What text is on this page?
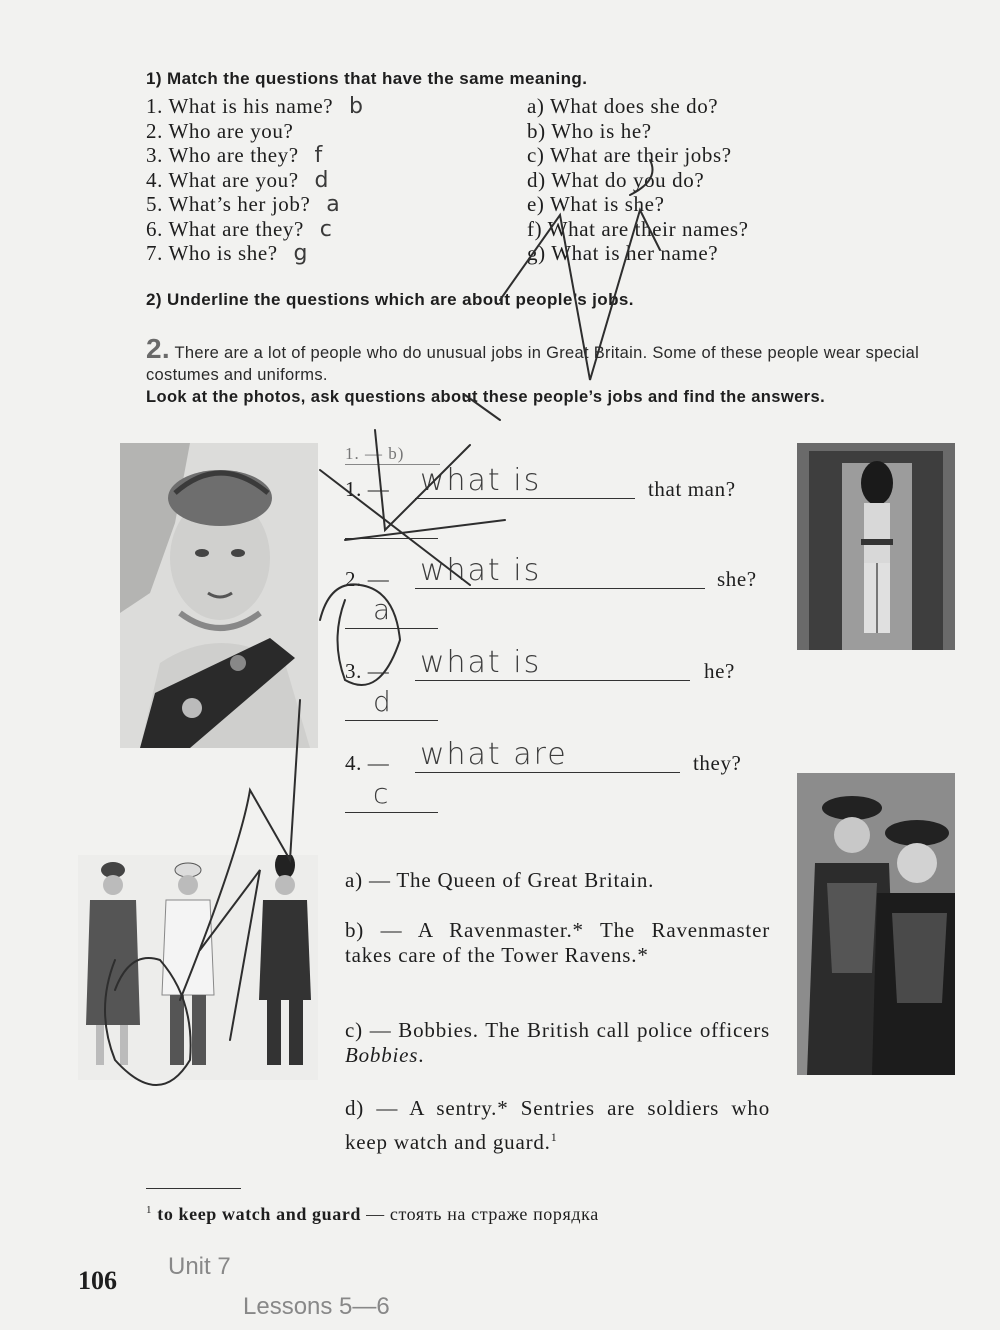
1) Match the questions that have the same meaning.
1. What is his name? b
2. Who are you?
3. Who are they? f
4. What are you? d
5. What’s her job? a
6. What are they? c
7. Who is she? g
a) What does she do?
b) Who is he?
c) What are their jobs?
d) What do you do?
e) What is she?
f) What are their names?
g) What is her name?
2) Underline the questions which are about people’s jobs.
2. There are a lot of people who do unusual jobs in Great Britain. Some of these people wear special costumes and uniforms.
Look at the photos, ask questions about these people’s jobs and find the answers.
1. — b)
1. — what is	that man?
2. — what is	she?
a
3. — what is	he?
d
4. — what are	they?
c
a) — The Queen of Great Britain.
b) — A Ravenmaster.* The Ravenmaster takes care of the Tower Ravens.*
c) — Bobbies. The British call police officers Bobbies.
d) — A sentry.* Sentries are soldiers who keep watch and guard.$^1$
$^1$ to keep watch and guard — стоять на страже порядка
106 Unit 7
Lessons 5—6
